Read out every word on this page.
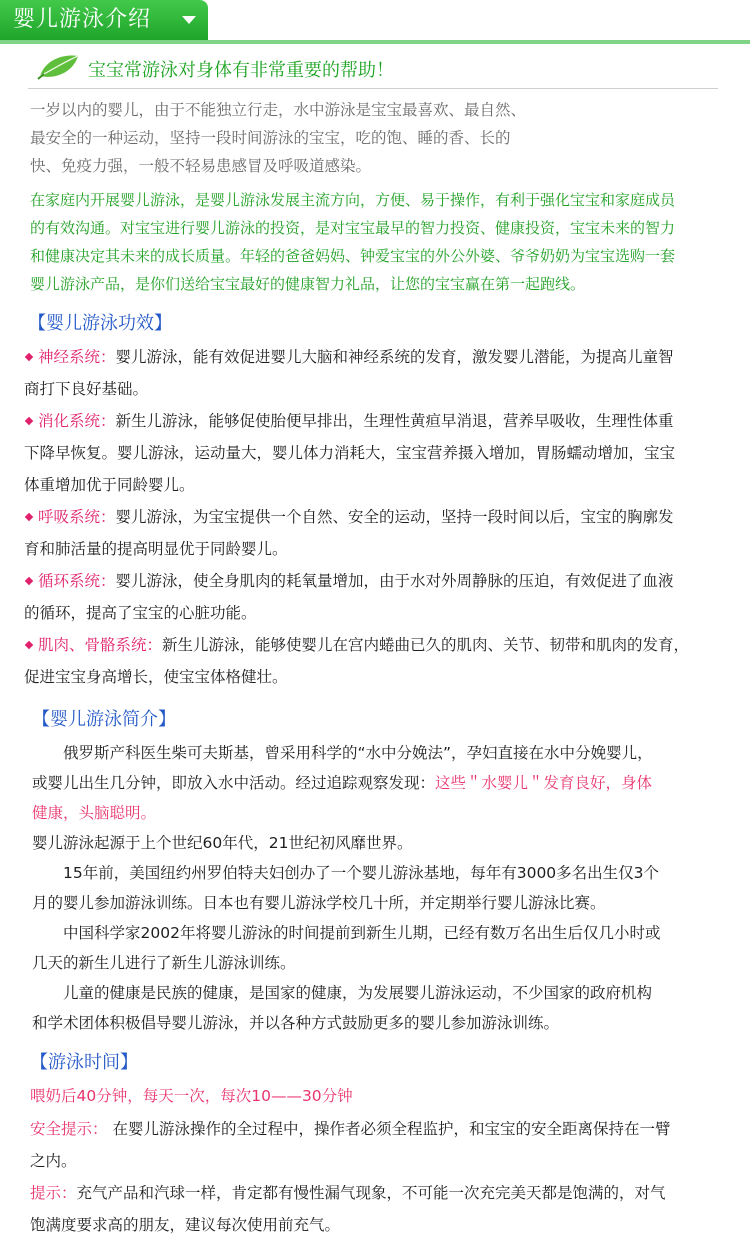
婴儿游泳介绍
宝宝常游泳对身体有非常重要的帮助！
一岁以内的婴儿，由于不能独立行走，水中游泳是宝宝最喜欢、最自然、
最安全的一种运动，坚持一段时间游泳的宝宝，吃的饱、睡的香、长的
快、免疫力强，一般不轻易患感冒及呼吸道感染。
在家庭内开展婴儿游泳，是婴儿游泳发展主流方向，方便、易于操作，有利于强化宝宝和家庭成员
的有效沟通。对宝宝进行婴儿游泳的投资，是对宝宝最早的智力投资、健康投资，宝宝未来的智力
和健康决定其未来的成长质量。年轻的爸爸妈妈、钟爱宝宝的外公外婆、爷爷奶奶为宝宝选购一套
婴儿游泳产品，是你们送给宝宝最好的健康智力礼品，让您的宝宝赢在第一起跑线。
【婴儿游泳功效】
神经系统：婴儿游泳，能有效促进婴儿大脑和神经系统的发育，激发婴儿潜能，为提高儿童智
商打下良好基础。
消化系统：新生儿游泳，能够促使胎便早排出，生理性黄疸早消退，营养早吸收，生理性体重
下降早恢复。婴儿游泳，运动量大，婴儿体力消耗大，宝宝营养摄入增加，胃肠蠕动增加，宝宝
体重增加优于同龄婴儿。
呼吸系统：婴儿游泳，为宝宝提供一个自然、安全的运动，坚持一段时间以后，宝宝的胸廓发
育和肺活量的提高明显优于同龄婴儿。
循环系统：婴儿游泳，使全身肌肉的耗氧量增加，由于水对外周静脉的压迫，有效促进了血液
的循环，提高了宝宝的心脏功能。
肌肉、骨骼系统：新生儿游泳，能够使婴儿在宫内蜷曲已久的肌肉、关节、韧带和肌肉的发育，
促进宝宝身高增长，使宝宝体格健壮。
【婴儿游泳简介】
俄罗斯产科医生柴可夫斯基，曾采用科学的“水中分娩法”，孕妇直接在水中分娩婴儿，
或婴儿出生几分钟，即放入水中活动。经过追踪观察发现：这些＂水婴儿＂发育良好，身体
健康，头脑聪明。
婴儿游泳起源于上个世纪60年代，21世纪初风靡世界。
15年前，美国纽约州罗伯特夫妇创办了一个婴儿游泳基地，每年有3000多名出生仅3个
月的婴儿参加游泳训练。日本也有婴儿游泳学校几十所，并定期举行婴儿游泳比赛。
中国科学家2002年将婴儿游泳的时间提前到新生儿期，已经有数万名出生后仅几小时或
几天的新生儿进行了新生儿游泳训练。
儿童的健康是民族的健康，是国家的健康，为发展婴儿游泳运动，不少国家的政府机构
和学术团体积极倡导婴儿游泳，并以各种方式鼓励更多的婴儿参加游泳训练。
【游泳时间】
喂奶后40分钟，每天一次，每次10——30分钟
安全提示： 在婴儿游泳操作的全过程中，操作者必须全程监护，和宝宝的安全距离保持在一臂
之内。
提示：充气产品和汽球一样，肯定都有慢性漏气现象，不可能一次充完美天都是饱满的，对气
饱满度要求高的朋友，建议每次使用前充气。
